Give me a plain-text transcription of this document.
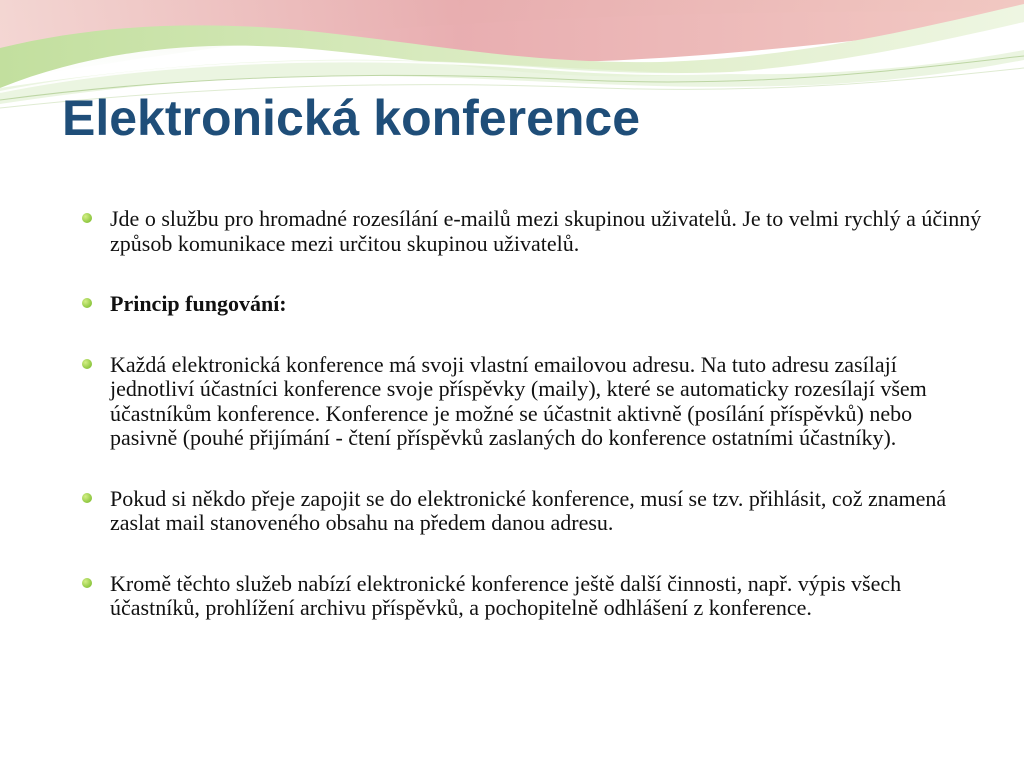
Elektronická konference
Jde o službu pro hromadné rozesílání e-mailů mezi skupinou uživatelů. Je to velmi rychlý a účinný způsob komunikace mezi určitou skupinou uživatelů.
Princip fungování:
Každá elektronická konference má svoji vlastní emailovou adresu. Na tuto adresu zasílají jednotliví účastníci konference svoje příspěvky (maily), které se automaticky rozesílají všem účastníkům konference. Konference je možné se účastnit aktivně (posílání příspěvků) nebo pasivně (pouhé přijímání - čtení příspěvků zaslaných do konference ostatními účastníky).
Pokud si někdo přeje zapojit se do elektronické konference, musí se tzv. přihlásit, což znamená zaslat mail stanoveného obsahu na předem danou adresu.
Kromě těchto služeb nabízí elektronické konference ještě další činnosti, např. výpis všech účastníků, prohlížení archivu příspěvků, a pochopitelně odhlášení z konference.
